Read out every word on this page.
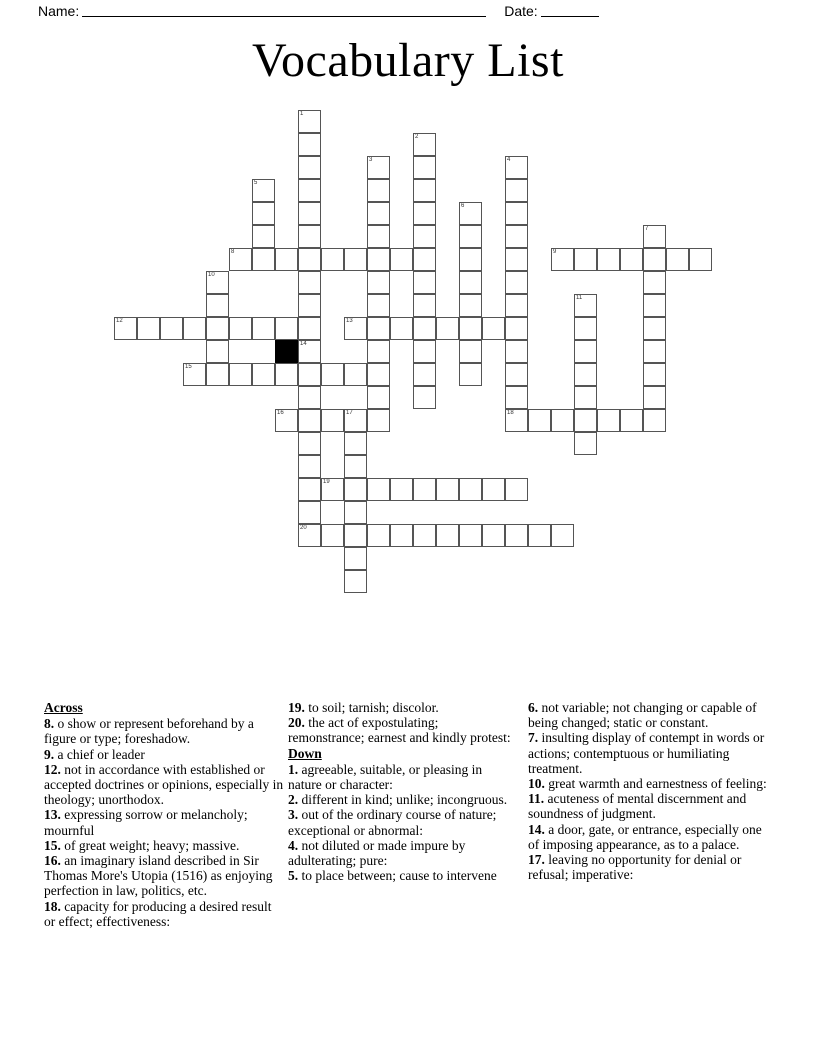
Name:	Date:
Vocabulary List
1
2
3	4
18
5
6
7
8	9
10
11
12	13
14
15
16	17
19
20
Across

8. o show or represent beforehand by a figure or type; foreshadow.

9. a chief or leader

12. not in accordance with established or accepted doctrines or opinions, especially in theology; unorthodox.

13. expressing sorrow or melancholy; mournful

15. of great weight; heavy; massive.

16. an imaginary island described in Sir Thomas More's Utopia (1516) as enjoying perfection in law, politics, etc.

18. capacity for producing a desired result or effect; effectiveness:

19. to soil; tarnish; discolor.

20. the act of expostulating; remonstrance; earnest and kindly protest:

Down

1. agreeable, suitable, or pleasing in nature or character:

2. different in kind; unlike; incongruous.

3. out of the ordinary course of nature; exceptional or abnormal:

4. not diluted or made impure by adulterating; pure:

5. to place between; cause to intervene

6. not variable; not changing or capable of being changed; static or constant.

7. insulting display of contempt in words or actions; contemptuous or humiliating treatment.

10. great warmth and earnestness of feeling:

11. acuteness of mental discernment and soundness of judgment.

14. a door, gate, or entrance, especially one of imposing appearance, as to a palace.

17. leaving no opportunity for denial or refusal; imperative:
